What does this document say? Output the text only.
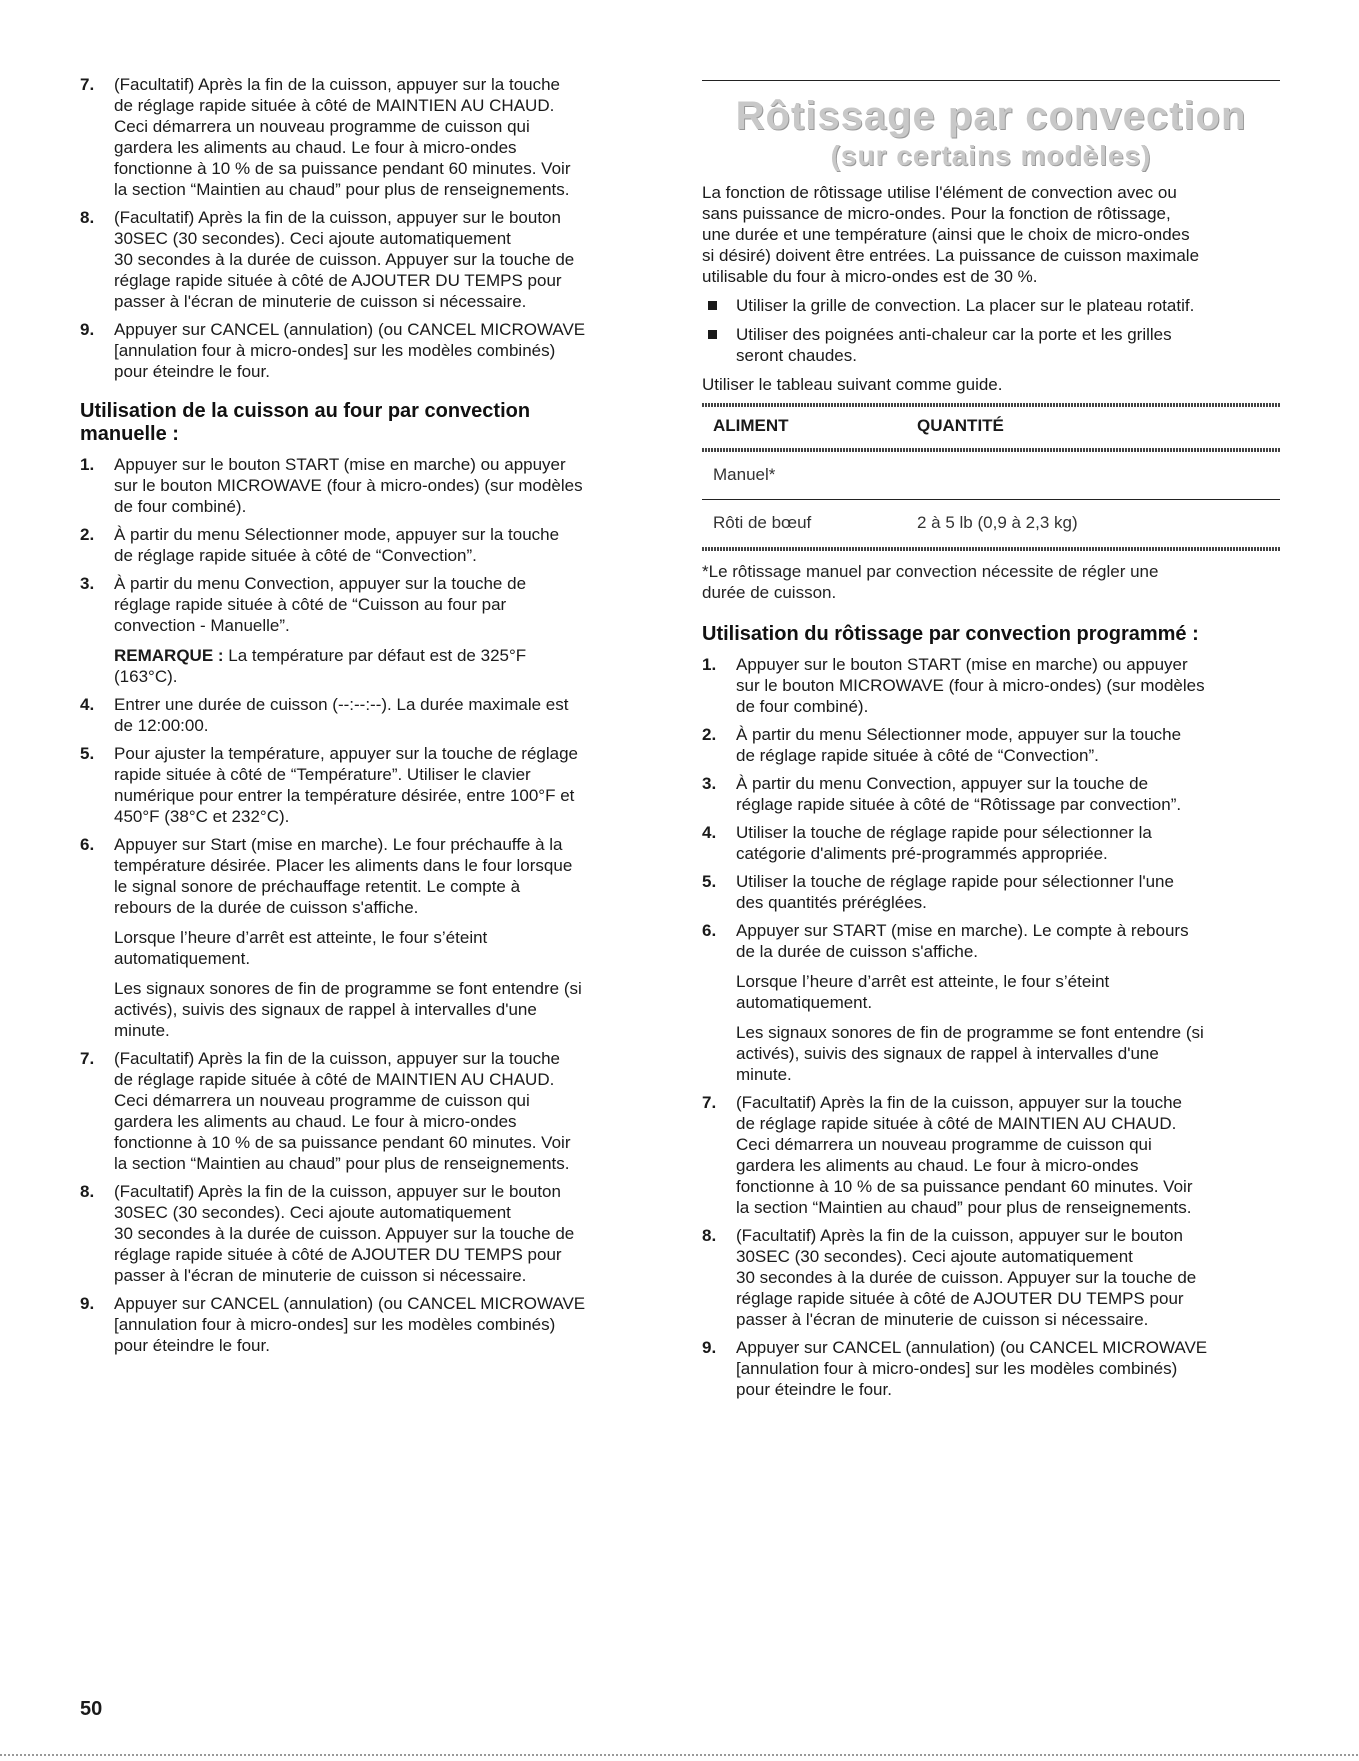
7.	(Facultatif) Après la fin de la cuisson, appuyer sur la touche
de réglage rapide située à côté de MAINTIEN AU CHAUD.
Ceci démarrera un nouveau programme de cuisson qui
gardera les aliments au chaud. Le four à micro-ondes
fonctionne à 10 % de sa puissance pendant 60 minutes. Voir
la section “Maintien au chaud” pour plus de renseignements.
8.	(Facultatif) Après la fin de la cuisson, appuyer sur le bouton
30SEC (30 secondes). Ceci ajoute automatiquement
30 secondes à la durée de cuisson. Appuyer sur la touche de
réglage rapide située à côté de AJOUTER DU TEMPS pour
passer à l'écran de minuterie de cuisson si nécessaire.
9.	Appuyer sur CANCEL (annulation) (ou CANCEL MICROWAVE
[annulation four à micro-ondes] sur les modèles combinés)
pour éteindre le four.
Utilisation de la cuisson au four par convection
manuelle :
1.	Appuyer sur le bouton START (mise en marche) ou appuyer
sur le bouton MICROWAVE (four à micro-ondes) (sur modèles
de four combiné).
2.	À partir du menu Sélectionner mode, appuyer sur la touche
de réglage rapide située à côté de “Convection”.
3.	À partir du menu Convection, appuyer sur la touche de
réglage rapide située à côté de “Cuisson au four par
convection - Manuelle”.
REMARQUE : La température par défaut est de 325°F
(163°C).
4.	Entrer une durée de cuisson (--:--:--). La durée maximale est
de 12:00:00.
5.	Pour ajuster la température, appuyer sur la touche de réglage
rapide située à côté de “Température”. Utiliser le clavier
numérique pour entrer la température désirée, entre 100°F et
450°F (38°C et 232°C).
6.	Appuyer sur Start (mise en marche). Le four préchauffe à la
température désirée. Placer les aliments dans le four lorsque
le signal sonore de préchauffage retentit. Le compte à
rebours de la durée de cuisson s'affiche.
Lorsque l’heure d’arrêt est atteinte, le four s’éteint
automatiquement.
Les signaux sonores de fin de programme se font entendre (si
activés), suivis des signaux de rappel à intervalles d'une
minute.
7.	(Facultatif) Après la fin de la cuisson, appuyer sur la touche
de réglage rapide située à côté de MAINTIEN AU CHAUD.
Ceci démarrera un nouveau programme de cuisson qui
gardera les aliments au chaud. Le four à micro-ondes
fonctionne à 10 % de sa puissance pendant 60 minutes. Voir
la section “Maintien au chaud” pour plus de renseignements.
8.	(Facultatif) Après la fin de la cuisson, appuyer sur le bouton
30SEC (30 secondes). Ceci ajoute automatiquement
30 secondes à la durée de cuisson. Appuyer sur la touche de
réglage rapide située à côté de AJOUTER DU TEMPS pour
passer à l'écran de minuterie de cuisson si nécessaire.
9.	Appuyer sur CANCEL (annulation) (ou CANCEL MICROWAVE
[annulation four à micro-ondes] sur les modèles combinés)
pour éteindre le four.
Rôtissage par convection
(sur certains modèles)
La fonction de rôtissage utilise l'élément de convection avec ou
sans puissance de micro-ondes. Pour la fonction de rôtissage,
une durée et une température (ainsi que le choix de micro-ondes
si désiré) doivent être entrées. La puissance de cuisson maximale
utilisable du four à micro-ondes est de 30 %.
Utiliser la grille de convection. La placer sur le plateau rotatif.
Utiliser des poignées anti-chaleur car la porte et les grilles
seront chaudes.
Utiliser le tableau suivant comme guide.
ALIMENT	QUANTITÉ
Manuel*
Rôti de bœuf	2 à 5 lb (0,9 à 2,3 kg)
*Le rôtissage manuel par convection nécessite de régler une
durée de cuisson.
Utilisation du rôtissage par convection programmé :
1.	Appuyer sur le bouton START (mise en marche) ou appuyer
sur le bouton MICROWAVE (four à micro-ondes) (sur modèles
de four combiné).
2.	À partir du menu Sélectionner mode, appuyer sur la touche
de réglage rapide située à côté de “Convection”.
3.	À partir du menu Convection, appuyer sur la touche de
réglage rapide située à côté de “Rôtissage par convection”.
4.	Utiliser la touche de réglage rapide pour sélectionner la
catégorie d'aliments pré-programmés appropriée.
5.	Utiliser la touche de réglage rapide pour sélectionner l'une
des quantités préréglées.
6.	Appuyer sur START (mise en marche). Le compte à rebours
de la durée de cuisson s'affiche.
Lorsque l’heure d’arrêt est atteinte, le four s’éteint
automatiquement.
Les signaux sonores de fin de programme se font entendre (si
activés), suivis des signaux de rappel à intervalles d'une
minute.
7.	(Facultatif) Après la fin de la cuisson, appuyer sur la touche
de réglage rapide située à côté de MAINTIEN AU CHAUD.
Ceci démarrera un nouveau programme de cuisson qui
gardera les aliments au chaud. Le four à micro-ondes
fonctionne à 10 % de sa puissance pendant 60 minutes. Voir
la section “Maintien au chaud” pour plus de renseignements.
8.	(Facultatif) Après la fin de la cuisson, appuyer sur le bouton
30SEC (30 secondes). Ceci ajoute automatiquement
30 secondes à la durée de cuisson. Appuyer sur la touche de
réglage rapide située à côté de AJOUTER DU TEMPS pour
passer à l'écran de minuterie de cuisson si nécessaire.
9.	Appuyer sur CANCEL (annulation) (ou CANCEL MICROWAVE
[annulation four à micro-ondes] sur les modèles combinés)
pour éteindre le four.
50
